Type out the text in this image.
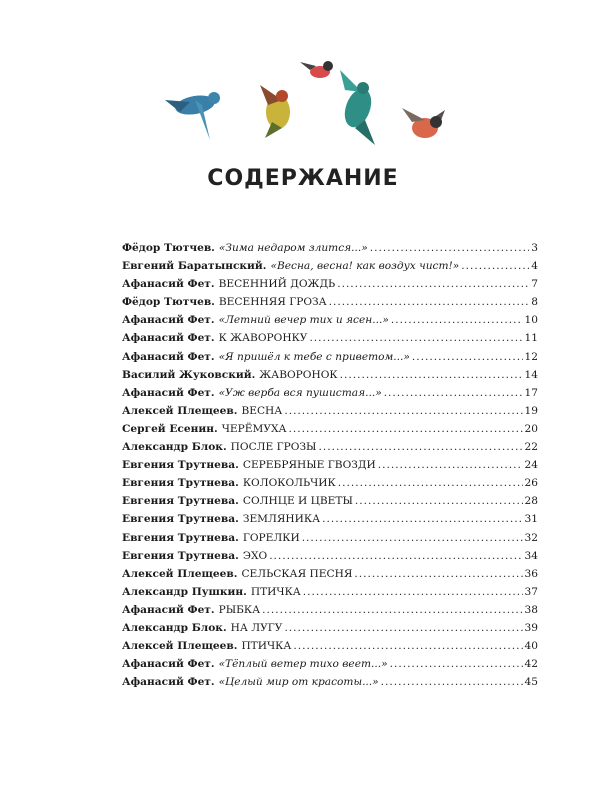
СОДЕРЖАНИЕ
Фёдор Тютчев. «Зима недаром злится...» .....	3
Евгений Баратынский. «Весна, весна! как воздух чист!» .....	4
Афанасий Фет. ВЕСЕННИЙ ДОЖДЬ .....	7
Фёдор Тютчев. ВЕСЕННЯЯ ГРОЗА .....	8
Афанасий Фет. «Летний вечер тих и ясен...» .....	10
Афанасий Фет. К ЖАВОРОНКУ .....	11
Афанасий Фет. «Я пришёл к тебе с приветом...» .....	12
Василий Жуковский. ЖАВОРОНОК .....	14
Афанасий Фет. «Уж верба вся пушистая...» .....	17
Алексей Плещеев. ВЕСНА .....	19
Сергей Есенин. ЧЕРЁМУХА .....	20
Александр Блок. ПОСЛЕ ГРОЗЫ .....	22
Евгения Трутнева. СЕРЕБРЯНЫЕ ГВОЗДИ .....	24
Евгения Трутнева. КОЛОКОЛЬЧИК .....	26
Евгения Трутнева. СОЛНЦЕ И ЦВЕТЫ .....	28
Евгения Трутнева. ЗЕМЛЯНИКА .....	31
Евгения Трутнева. ГОРЕЛКИ .....	32
Евгения Трутнева. ЭХО .....	34
Алексей Плещеев. СЕЛЬСКАЯ ПЕСНЯ .....	36
Александр Пушкин. ПТИЧКА .....	37
Афанасий Фет. РЫБКА .....	38
Александр Блок. НА ЛУГУ .....	39
Алексей Плещеев. ПТИЧКА .....	40
Афанасий Фет. «Тёплый ветер тихо веет...» .....	42
Афанасий Фет. «Целый мир от красоты...» .....	45
